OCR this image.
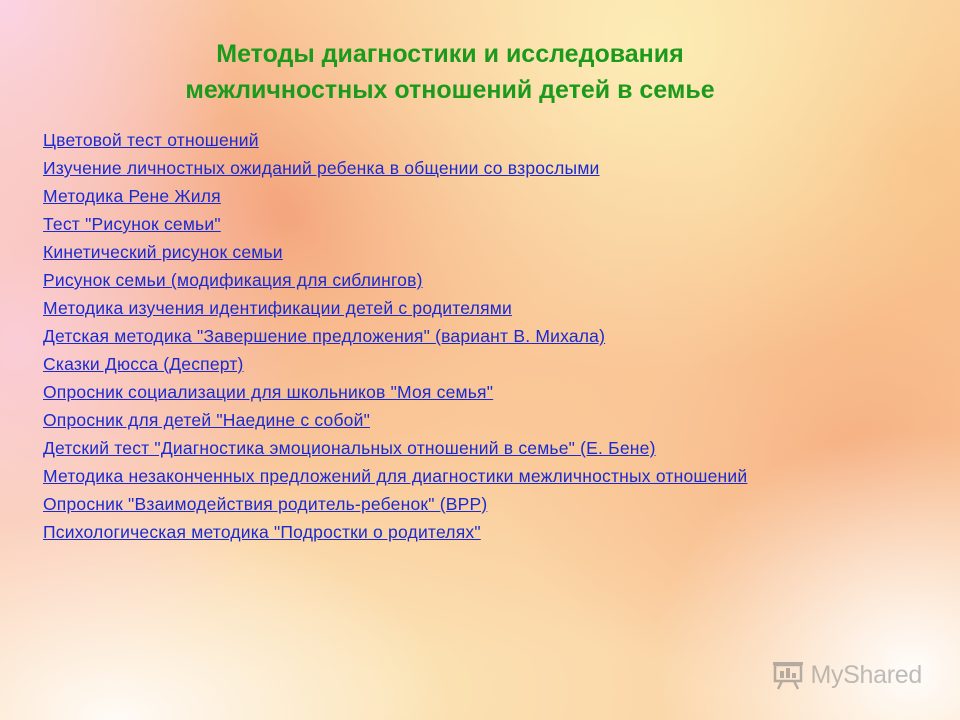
Методы диагностики и исследования
межличностных отношений детей в семье
Цветовой тест отношений
Изучение личностных ожиданий ребенка в общении со взрослыми
Методика Рене Жиля
Тест "Рисунок семьи"
Кинетический рисунок семьи
Рисунок семьи (модификация для сиблингов)
Методика изучения идентификации детей с родителями
Детская методика "Завершение предложения" (вариант В. Михала)
Сказки Дюсса (Десперт)
Опросник социализации для школьников "Моя семья"
Опросник для детей "Наедине с собой"
Детский тест "Диагностика эмоциональных отношений в семье" (Е. Бене)
Методика незаконченных предложений для диагностики межличностных отношений
Опросник "Взаимодействия родитель-ребенок" (ВРР)
Психологическая методика "Подростки о родителях"
MyShared
